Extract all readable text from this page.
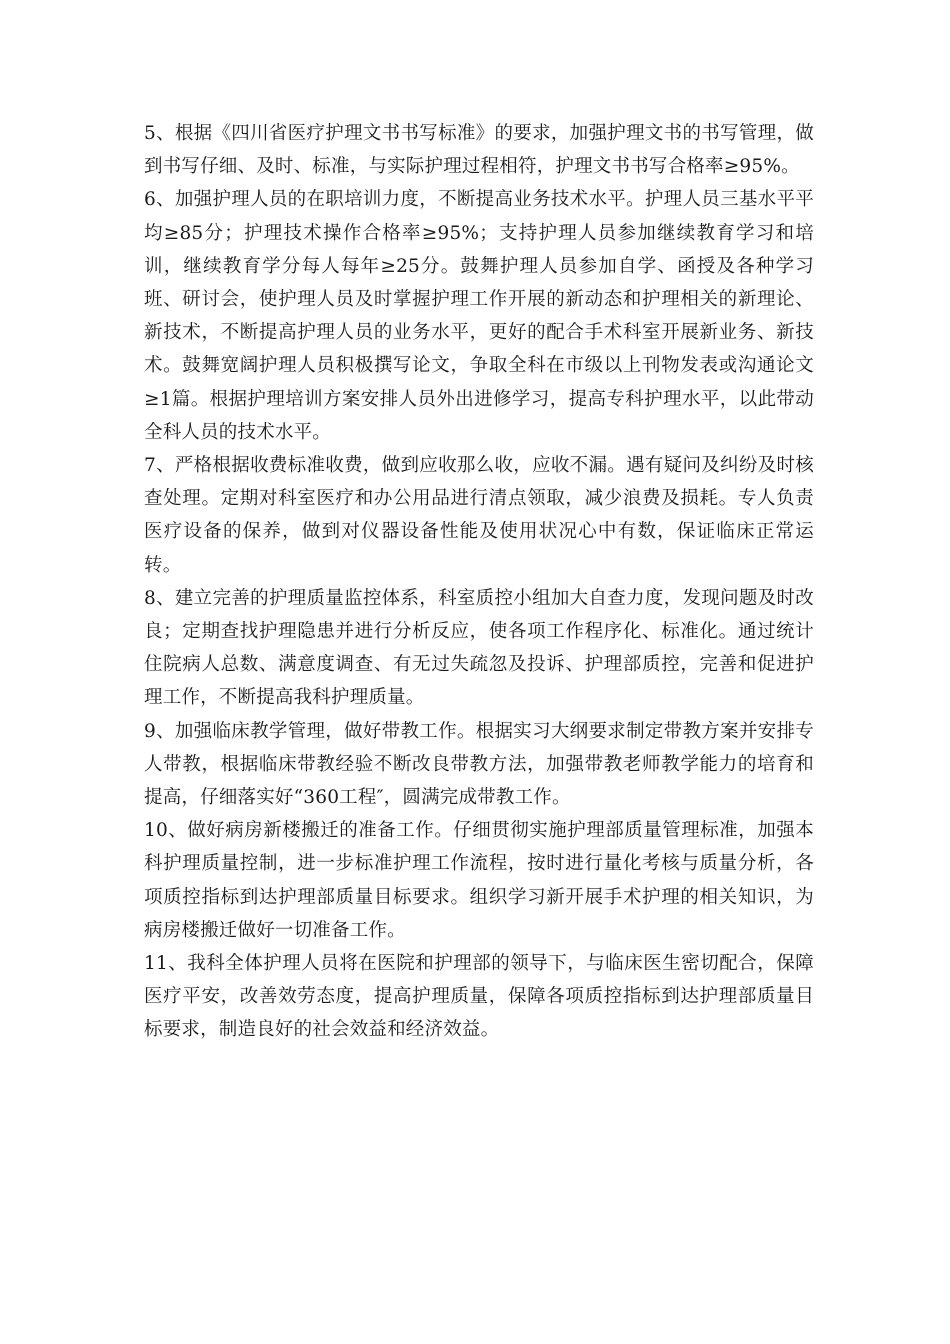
5、根据《四川省医疗护理文书书写标准》的要求，加强护理文书的书写管理，做到书写仔细、及时、标准，与实际护理过程相符，护理文书书写合格率≥95%。

6、加强护理人员的在职培训力度，不断提高业务技术水平。护理人员三基水平平均≥85分；护理技术操作合格率≥95%；支持护理人员参加继续教育学习和培训，继续教育学分每人每年≥25分。鼓舞护理人员参加自学、函授及各种学习班、研讨会，使护理人员及时掌握护理工作开展的新动态和护理相关的新理论、新技术，不断提高护理人员的业务水平，更好的配合手术科室开展新业务、新技术。鼓舞宽阔护理人员积极撰写论文，争取全科在市级以上刊物发表或沟通论文≥1篇。根据护理培训方案安排人员外出进修学习，提高专科护理水平，以此带动全科人员的技术水平。

7、严格根据收费标准收费，做到应收那么收，应收不漏。遇有疑问及纠纷及时核查处理。定期对科室医疗和办公用品进行清点领取，减少浪费及损耗。专人负责医疗设备的保养，做到对仪器设备性能及使用状况心中有数，保证临床正常运转。

8、建立完善的护理质量监控体系，科室质控小组加大自查力度，发现问题及时改良；定期查找护理隐患并进行分析反应，使各项工作程序化、标准化。通过统计住院病人总数、满意度调查、有无过失疏忽及投诉、护理部质控，完善和促进护理工作，不断提高我科护理质量。

9、加强临床教学管理，做好带教工作。根据实习大纲要求制定带教方案并安排专人带教，根据临床带教经验不断改良带教方法，加强带教老师教学能力的培育和提高，仔细落实好“360工程″，圆满完成带教工作。

10、做好病房新楼搬迁的准备工作。仔细贯彻实施护理部质量管理标准，加强本科护理质量控制，进一步标准护理工作流程，按时进行量化考核与质量分析，各项质控指标到达护理部质量目标要求。组织学习新开展手术护理的相关知识，为病房楼搬迁做好一切准备工作。

11、我科全体护理人员将在医院和护理部的领导下，与临床医生密切配合，保障医疗平安，改善效劳态度，提高护理质量，保障各项质控指标到达护理部质量目标要求，制造良好的社会效益和经济效益。
